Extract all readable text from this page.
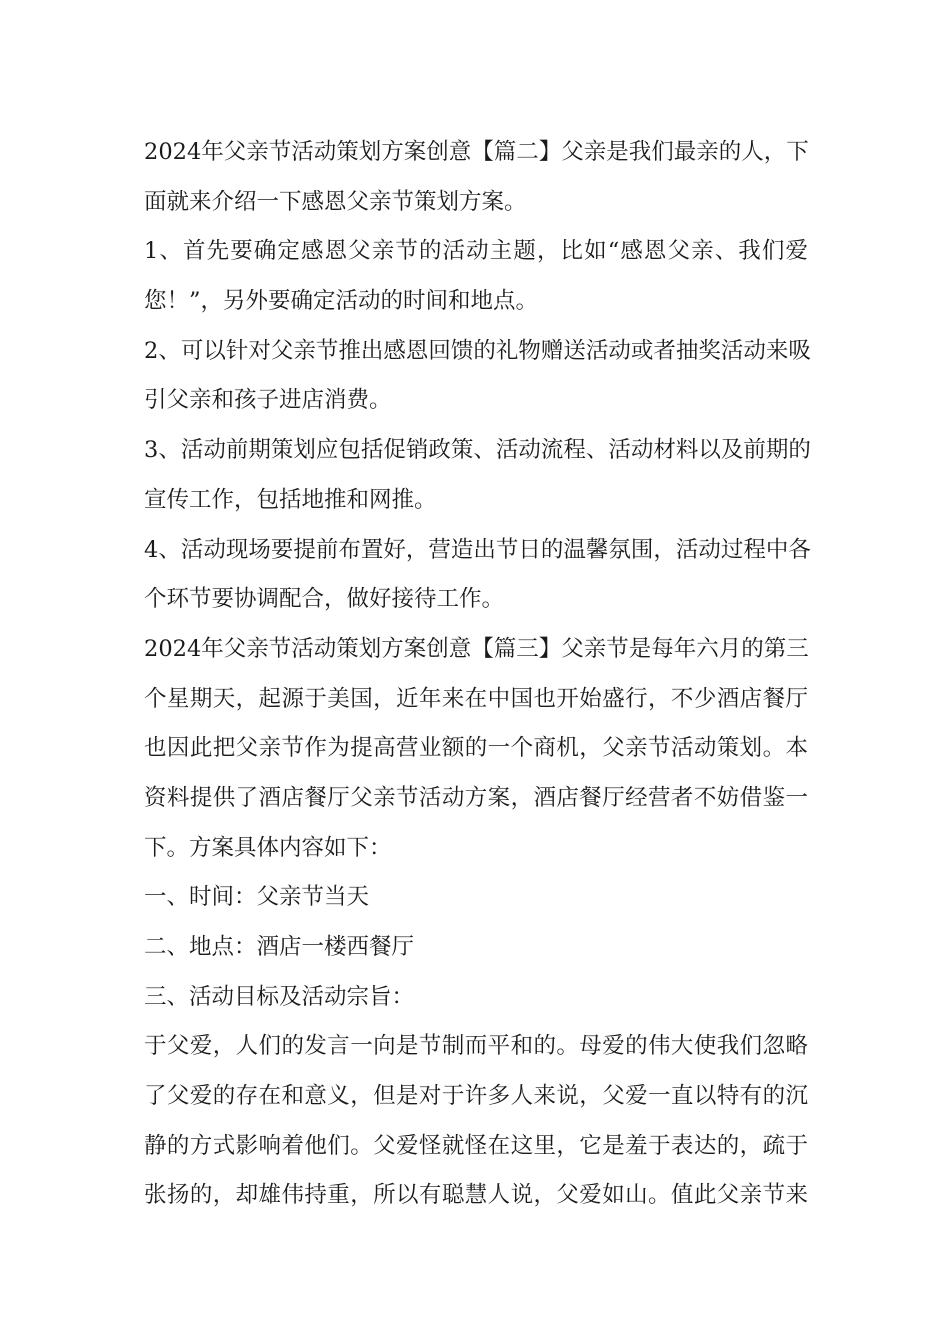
2024年父亲节活动策划方案创意【篇二】父亲是我们最亲的人，下
面就来介绍一下感恩父亲节策划方案。

1、首先要确定感恩父亲节的活动主题，比如“感恩父亲、我们爱
您！”，另外要确定活动的时间和地点。

2、可以针对父亲节推出感恩回馈的礼物赠送活动或者抽奖活动来吸
引父亲和孩子进店消费。

3、活动前期策划应包括促销政策、活动流程、活动材料以及前期的
宣传工作，包括地推和网推。

4、活动现场要提前布置好，营造出节日的温馨氛围，活动过程中各
个环节要协调配合，做好接待工作。

2024年父亲节活动策划方案创意【篇三】父亲节是每年六月的第三
个星期天，起源于美国，近年来在中国也开始盛行，不少酒店餐厅
也因此把父亲节作为提高营业额的一个商机，父亲节活动策划。本
资料提供了酒店餐厅父亲节活动方案，酒店餐厅经营者不妨借鉴一
下。方案具体内容如下：

一、时间：父亲节当天

二、地点：酒店一楼西餐厅

三、活动目标及活动宗旨：

于父爱，人们的发言一向是节制而平和的。母爱的伟大使我们忽略
了父爱的存在和意义，但是对于许多人来说，父爱一直以特有的沉
静的方式影响着他们。父爱怪就怪在这里，它是羞于表达的，疏于
张扬的，却雄伟持重，所以有聪慧人说，父爱如山。值此父亲节来
